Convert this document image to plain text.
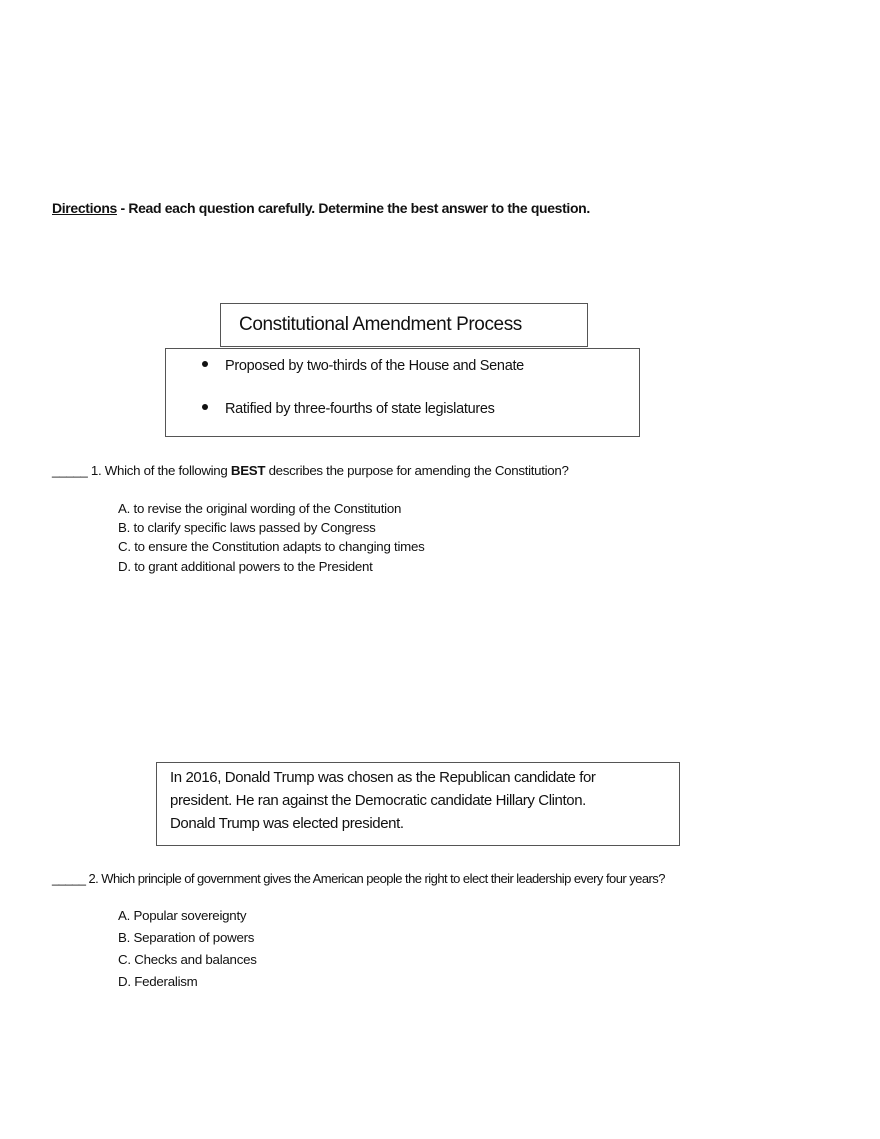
Directions - Read each question carefully. Determine the best answer to the question.
Constitutional Amendment Process
Proposed by two-thirds of the House and Senate
Ratified by three-fourths of state legislatures
_____ 1. Which of the following BEST describes the purpose for amending the Constitution?
A. to revise the original wording of the Constitution
B. to clarify specific laws passed by Congress
C. to ensure the Constitution adapts to changing times
D. to grant additional powers to the President
In 2016, Donald Trump was chosen as the Republican candidate for
president. He ran against the Democratic candidate Hillary Clinton.
Donald Trump was elected president.
_____ 2. Which principle of government gives the American people the right to elect their leadership every four years?
A. Popular sovereignty
B. Separation of powers
C. Checks and balances
D. Federalism
